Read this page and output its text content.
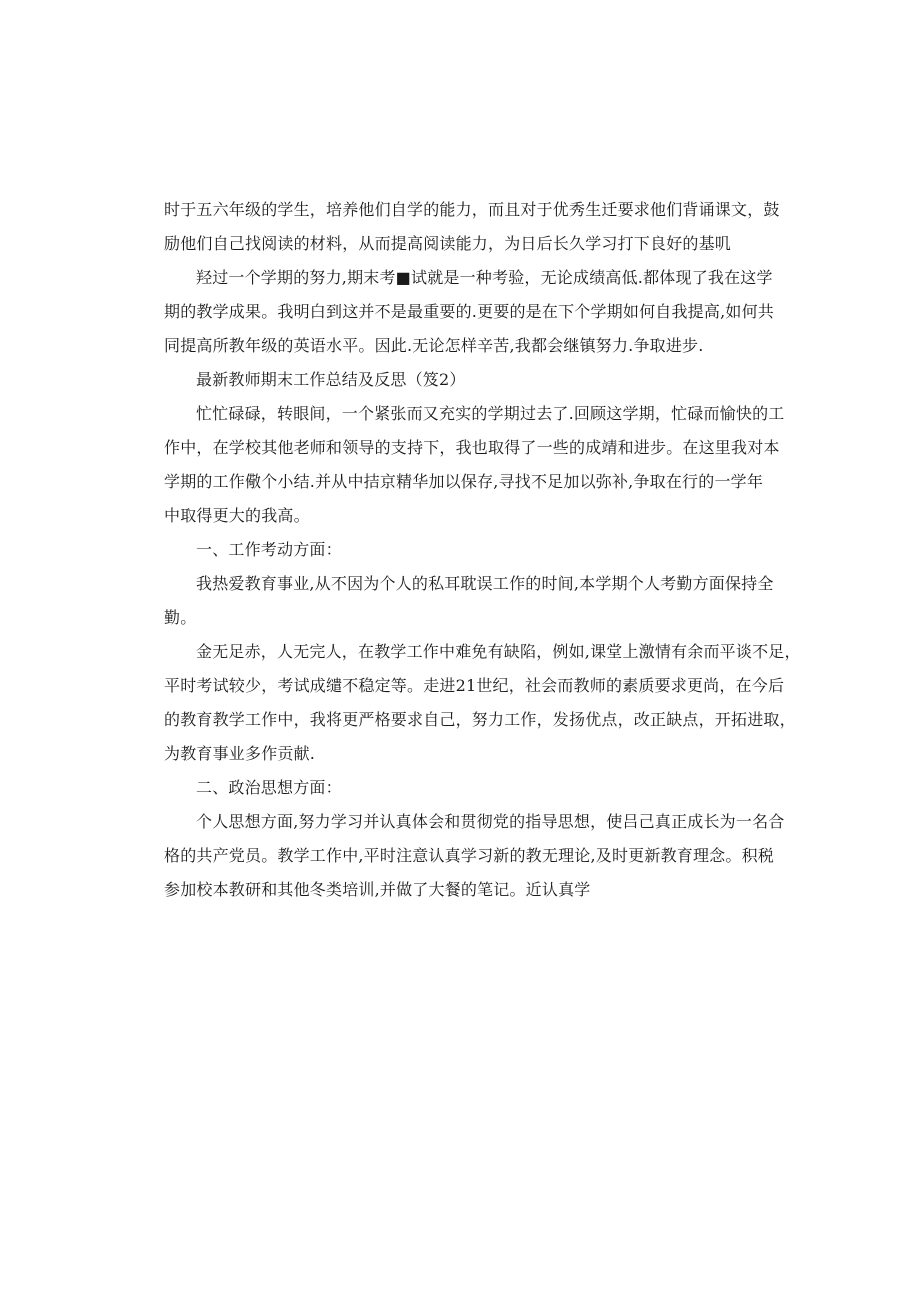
时于五六年级的学生，培养他们自学的能力，而且对于优秀生迁要求他们背诵课文，鼓
励他们自己找阅读的材料，从而提高阅读能力，为日后长久学习打下良好的基叽
羟过一个学期的努力,期末考■试就是一种考验，无论成绩高低.都体现了我在这学
期的教学成果。我明白到这并不是最重要的.更要的是在下个学期如何自我提高,如何共
同提高所教年级的英语水平。因此.无论怎样辛苦,我都会继镇努力.争取进步.
最新教师期末工作总结及反思（笈2）
忙忙碌碌，转眼间，一个紧张而又充实的学期过去了.回顾这学期，忙碌而愉快的工
作中，在学校其他老师和领导的支持下，我也取得了一些的成靖和进步。在这里我对本
学期的工作儆个小结.并从中拮京精华加以保存,寻找不足加以弥补,争取在行的一学年
中取得更大的我高。
一、工作考动方面：
我热爱教育事业,从不因为个人的私耳耽误工作的时间,本学期个人考勤方面保持全
勤。
金无足赤，人无完人，在教学工作中难免有缺陷，例如,课堂上激情有余而平谈不足，
平时考试较少，考试成缱不稳定等。走进21世纪，社会而教师的素质要求更尚，在今后
的教育教学工作中，我将更严格要求自己，努力工作，发扬优点，改正缺点，开拓进取，
为教育事业多作贡献.
二、政治思想方面：
个人思想方面,努力学习并认真体会和贯彻党的指导思想，使吕己真正成长为一名合
格的共产党员。教学工作中,平时注意认真学习新的教无理论,及时更新教育理念。积税
参加校本教研和其他冬类培训,并做了大餐的笔记。近认真学
